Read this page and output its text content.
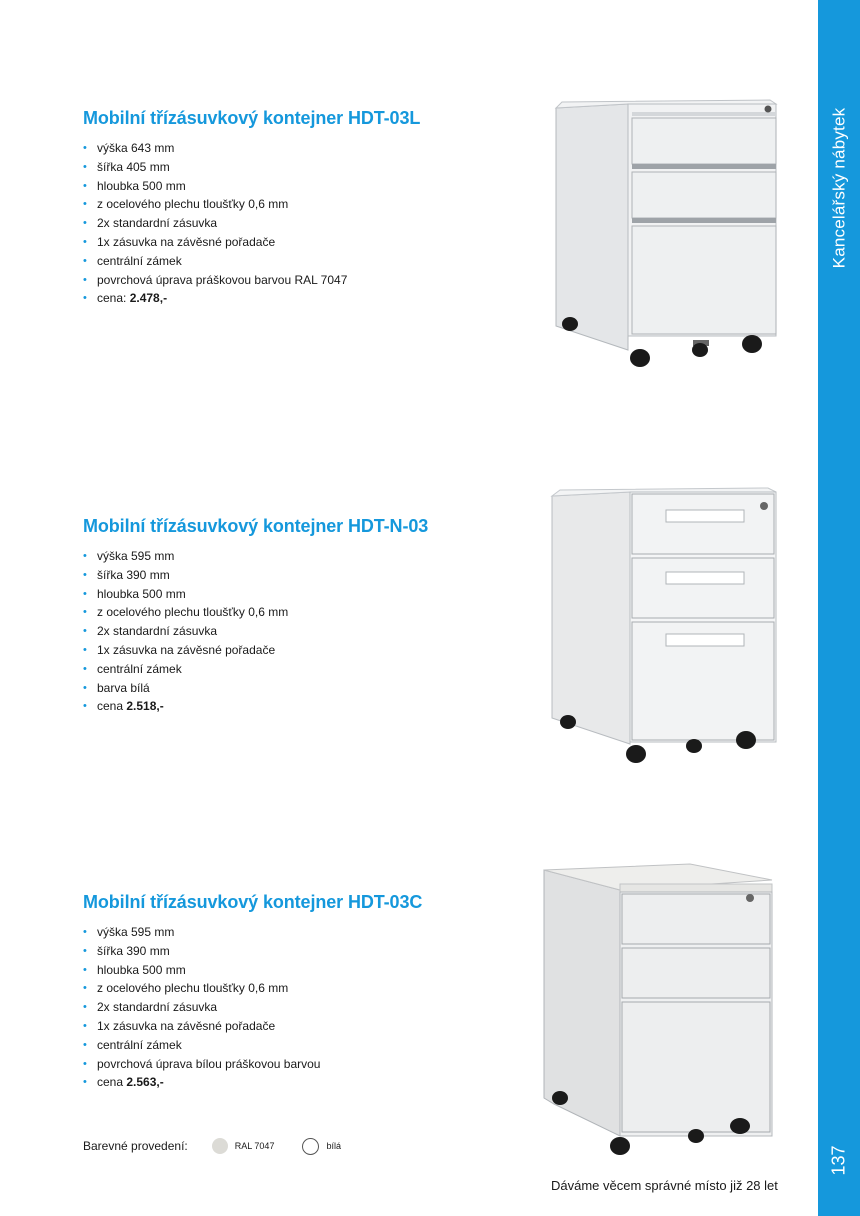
Kancelářský nábytek
137
Mobilní třízásuvkový kontejner HDT-03L
• výška 643 mm
• šířka 405 mm
• hloubka 500 mm
• z ocelového plechu tloušťky 0,6 mm
• 2x standardní zásuvka
• 1x zásuvka na závěsné pořadače
• centrální zámek
• povrchová úprava práškovou barvou RAL 7047
• cena: 2.478,-
Mobilní třízásuvkový kontejner HDT-N-03
• výška 595 mm
• šířka 390 mm
• hloubka 500 mm
• z ocelového plechu tloušťky 0,6 mm
• 2x standardní zásuvka
• 1x zásuvka na závěsné pořadače
• centrální zámek
• barva bílá
• cena 2.518,-
Mobilní třízásuvkový kontejner HDT-03C
• výška 595 mm
• šířka 390 mm
• hloubka 500 mm
• z ocelového plechu tloušťky 0,6 mm
• 2x standardní zásuvka
• 1x zásuvka na závěsné pořadače
• centrální zámek
• povrchová úprava bílou práškovou barvou
• cena 2.563,-
Barevné provedení:	RAL 7047	bílá
Dáváme věcem správné místo již 28 let
